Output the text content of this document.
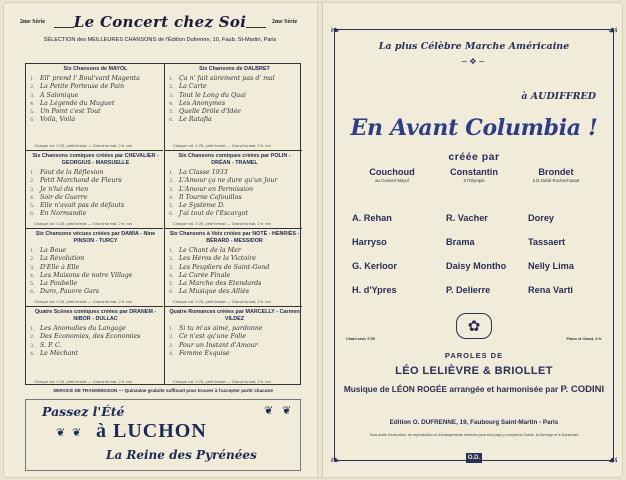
2me Série Le Concert chez Soi	2me Série
SÉLECTION des MEILLEURES CHANSONS de l'Édition Dufrenne, 10, Faub. St-Martin, Paris
Six Chansons de MAYOL
1. Ell' prend l' Boul'vard Magenta
2. La Petite Porteuse de Pain
3. A Salonique
4. La Légende du Muguet
5. Un Point c'est Tout
6. Voilà, Voilà
Chaque vol. 0 25, petit format — Grand format, 2 fr. net
Six Chansons de DALBRET
1. Ça n' fait sûrement pas d' mal
2. La Carte
3. Tout le Long du Quai
4. Les Anonymes
5. Quelle Drôle d'Idée
6. Le Ratafia
Chaque vol. 0 25, petit format — Grand format, 2 fr. net
Six Chansons comiques créées par CHEVALIER - GEORGIUS - MARSUELLE
1. Faut de la Réflexion
2. Petit Marchand de Fleurs
3. Je n'lui dis rien
4. Soir de Guerre
5. Elle n'avait pas de défauts
6. En Normandie
Chaque vol. 0 25, petit format — Grand format, 2 fr. net
Six Chansons comiques créées par POLIN - DRÉAN - TRAMEL
1. La Classe 1933
2. L'Amour ça ne dure qu'un Jour
3. L'Amour en Permission
4. Il Tourne Cafouillos
5. Le Système D.
6. J'ai tout de l'Escargot
Chaque vol. 0 25, petit format — Grand format, 2 fr. net
Six Chansons vécues créées par DAMIA - Nine PINSON - TURCY
1. La Boue
2. La Révolution
3. D'Elle à Elle
4. Les Maisons de notre Village
5. La Poubelle
6. Duro, Pauvre Gars
Chaque vol. 0 25, petit format — Grand format, 2 fr. net
Six Chansons à Voix créées par NOTÉ - HENRIÈS - BÉRARD - MESSIDOR
1. Le Chant de la Mer
2. Les Héros de la Victoire
3. Les Peupliers de Saint-Gond
4. La Curée Finale
5. La Marche des Étendards
6. La Musique des Alliés
Chaque vol. 0 25, petit format — Grand format, 2 fr. net
Quatre Scènes comiques créées par DRANEM - NIBOR - DULLAC
1. Les Anomalies du Langage
2. Des Économies, des Économies
3. S. P. C.
4. Le Méchant
Chaque vol. 0 25, petit format — Grand format, 2 fr. net
Quatre Romances créées par MARCELLY - Carmen VILDEZ
1. Si tu m'as aimé, pardonne
2. Ce n'est qu'une Folie
3. Pour un Instant d'Amour
4. Femme Exquise
Chaque vol. 0 25, petit format — Grand format, 2 fr. net
SERVICE DE TRANSMISSION — Quinzaine gratuite suffisant pour trouver à l'accepter partir chacune
❦ ❦
Passez l'Été
❦ ❦ à LUCHON
La Reine des Pyrénées
❧	☙
❧	☙
La plus Célèbre Marche Américaine
~✥~
à AUDIFFRED
En Avant Columbia !
créée par
Couchoud
au Concert Mayol
Constantin
à l'Olympia
Brondet
à la Gaîté-Rochechouart
A. Rehan	R. Vacher	Dorey
Harryso	Brama	Tassaert
G. Kerloor	Daisy Montho Nelly Lima
H. d'Ypres	P. Delierre	Rena Varti
✿
Chant seul, 0 50	Piano et Chant, 3 fr.
PAROLES DE
LÉO LELIÈVRE & BRIOLLET
Musique de LÉON ROGÉE arrangée et harmonisée par P. CODINI
Edition O. DUFRENNE, 19, Faubourg Saint-Martin - Paris
Tous droits d'exécution, de reproduction et d'arrangements réservés pour tous pays y compris la Suède, la Norvège et le Danemark
O.D.
